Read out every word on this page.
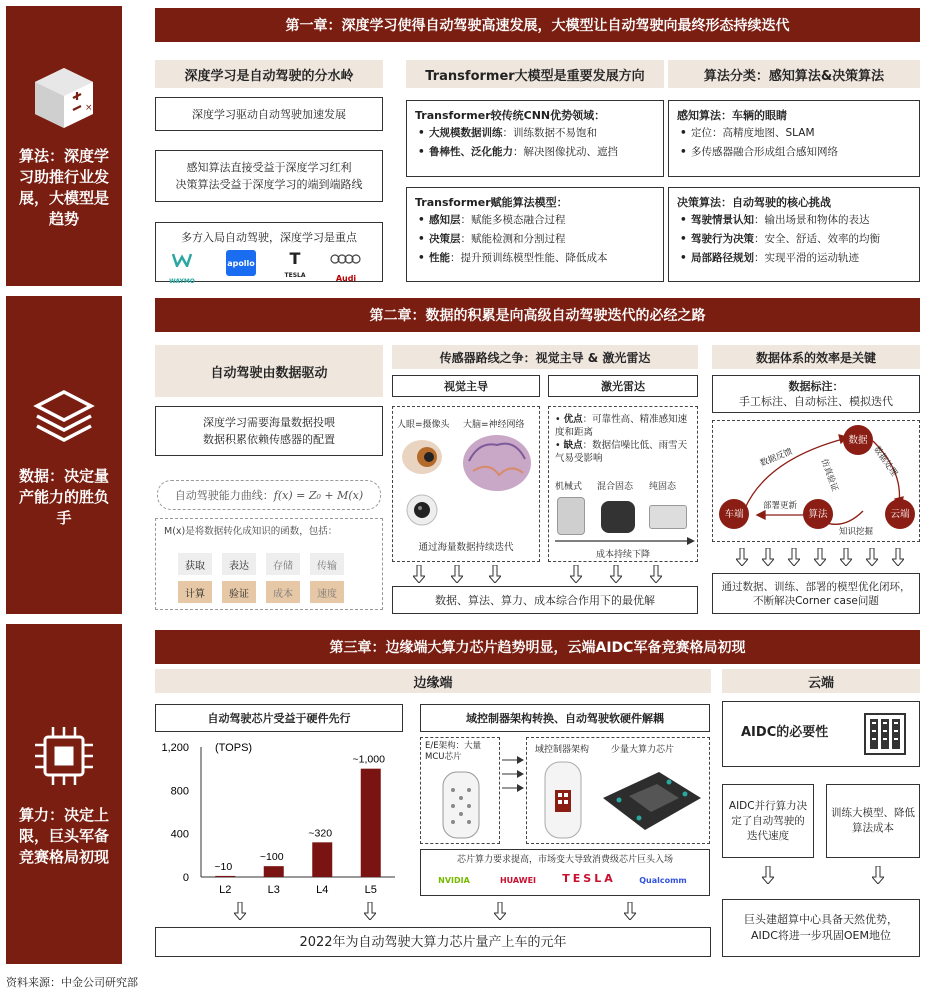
×
算法：深度学习助推行业发展，大模型是趋势
数据：决定量产能力的胜负手
算力：决定上限，巨头军备竞赛格局初现
第一章：深度学习使得自动驾驶高速发展，大模型让自动驾驶向最终形态持续迭代
深度学习是自动驾驶的分水岭	Transformer大模型是重要发展方向	算法分类：感知算法&决策算法
深度学习驱动自动驾驶加速发展
感知算法直接受益于深度学习红利
决策算法受益于深度学习的端到端路线
多方入局自动驾驶，深度学习是重点
WAYMO
apollo	T
TESLA	Audi
Transformer较传统CNN优势领域：
• 大规模数据训练：训练数据不易饱和
• 鲁棒性、泛化能力：解决图像扰动、遮挡
Transformer赋能算法模型：
• 感知层：赋能多模态融合过程
• 决策层：赋能检测和分割过程
• 性能：提升预训练模型性能、降低成本
感知算法：车辆的眼睛
• 定位：高精度地图、SLAM
• 多传感器融合形成组合感知网络
决策算法：自动驾驶的核心挑战
• 驾驶情景认知：输出场景和物体的表达
• 驾驶行为决策：安全、舒适、效率的均衡
• 局部路径规划：实现平滑的运动轨迹
第二章：数据的积累是向高级自动驾驶迭代的必经之路
自动驾驶由数据驱动
深度学习需要海量数据投喂
数据积累依赖传感器的配置
自动驾驶能力曲线： f(x) = Z₀ + M(x)
M(x)是将数据转化成知识的函数，包括：
获取	表达	存储	传输
计算	验证	成本	速度
传感器路线之争：视觉主导 & 激光雷达
视觉主导	激光雷达
人眼=摄像头 大脑=神经网络
通过海量数据持续迭代
• 优点：可靠性高、精准感知速度和距离
• 缺点：数据信噪比低、雨雪天气易受影响
机械式 混合固态 纯固态
成本持续下降
数据、算法、算力、成本综合作用下的最优解
数据体系的效率是关键
数据标注：
手工标注、自动标注、模拟迭代
数据
车端	算法	云端
数据反馈	数据处理
部署更新
知识挖掘
仿真验证
通过数据、训练、部署的模型优化闭环，不断解决Corner case问题
第三章：边缘端大算力芯片趋势明显，云端AIDC军备竞赛格局初现
边缘端	云端
自动驾驶芯片受益于硬件先行
0
400
800
1,200 (TOPS)
~10
L2
~100
L3
~320
L4
~1,000
L5
域控制器架构转换、自动驾驶软硬件解耦
E/E架构：大量MCU芯片
域控制器架构 少量大算力芯片
芯片算力要求提高，市场变大导致消费级芯片巨头入场
NVIDIA	HUAWEI	TESLA	Qualcomm
2022年为自动驾驶大算力芯片量产上车的元年
AIDC的必要性
AIDC并行算力决定了自动驾驶的迭代速度
训练大模型、降低算法成本
巨头建超算中心具备天然优势，AIDC将进一步巩固OEM地位
资料来源：中金公司研究部
